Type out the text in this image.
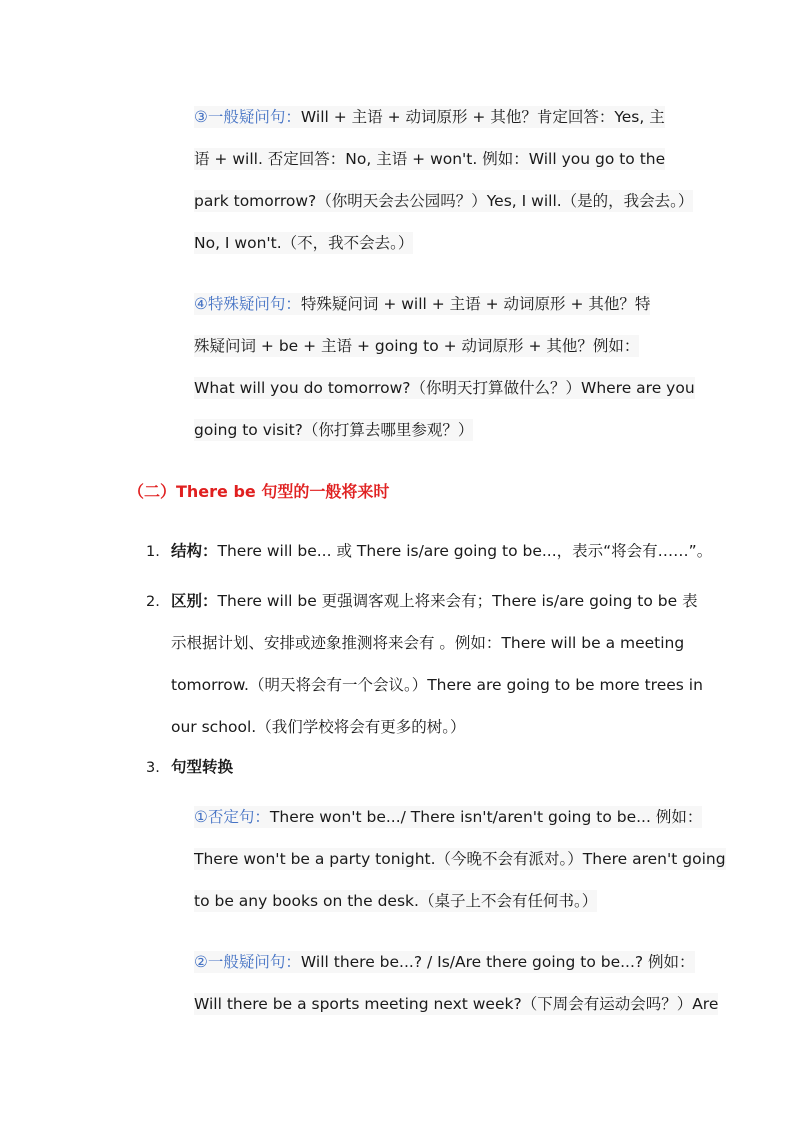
③一般疑问句：Will + 主语 + 动词原形 + 其他？肯定回答：Yes, 主
语 + will. 否定回答：No, 主语 + won't. 例如：Will you go to the
park tomorrow?（你明天会去公园吗？）Yes, I will.（是的，我会去。）
No, I won't.（不，我不会去。）
④特殊疑问句：特殊疑问词 + will + 主语 + 动词原形 + 其他？特
殊疑问词 + be + 主语 + going to + 动词原形 + 其他？例如：
What will you do tomorrow?（你明天打算做什么？）Where are you
going to visit?（你打算去哪里参观？）
（二）There be 句型的一般将来时
1. 结构：There will be... 或 There is/are going to be...，表示“将会有……”。
2. 区别：There will be 更强调客观上将来会有；There is/are going to be 表
示根据计划、安排或迹象推测将来会有 。例如：There will be a meeting
tomorrow.（明天将会有一个会议。）There are going to be more trees in
our school.（我们学校将会有更多的树。）
3. 句型转换
①否定句：There won't be.../ There isn't/aren't going to be... 例如：
There won't be a party tonight.（今晚不会有派对。）There aren't going
to be any books on the desk.（桌子上不会有任何书。）
②一般疑问句：Will there be...? / Is/Are there going to be...? 例如：
Will there be a sports meeting next week?（下周会有运动会吗？）Are
